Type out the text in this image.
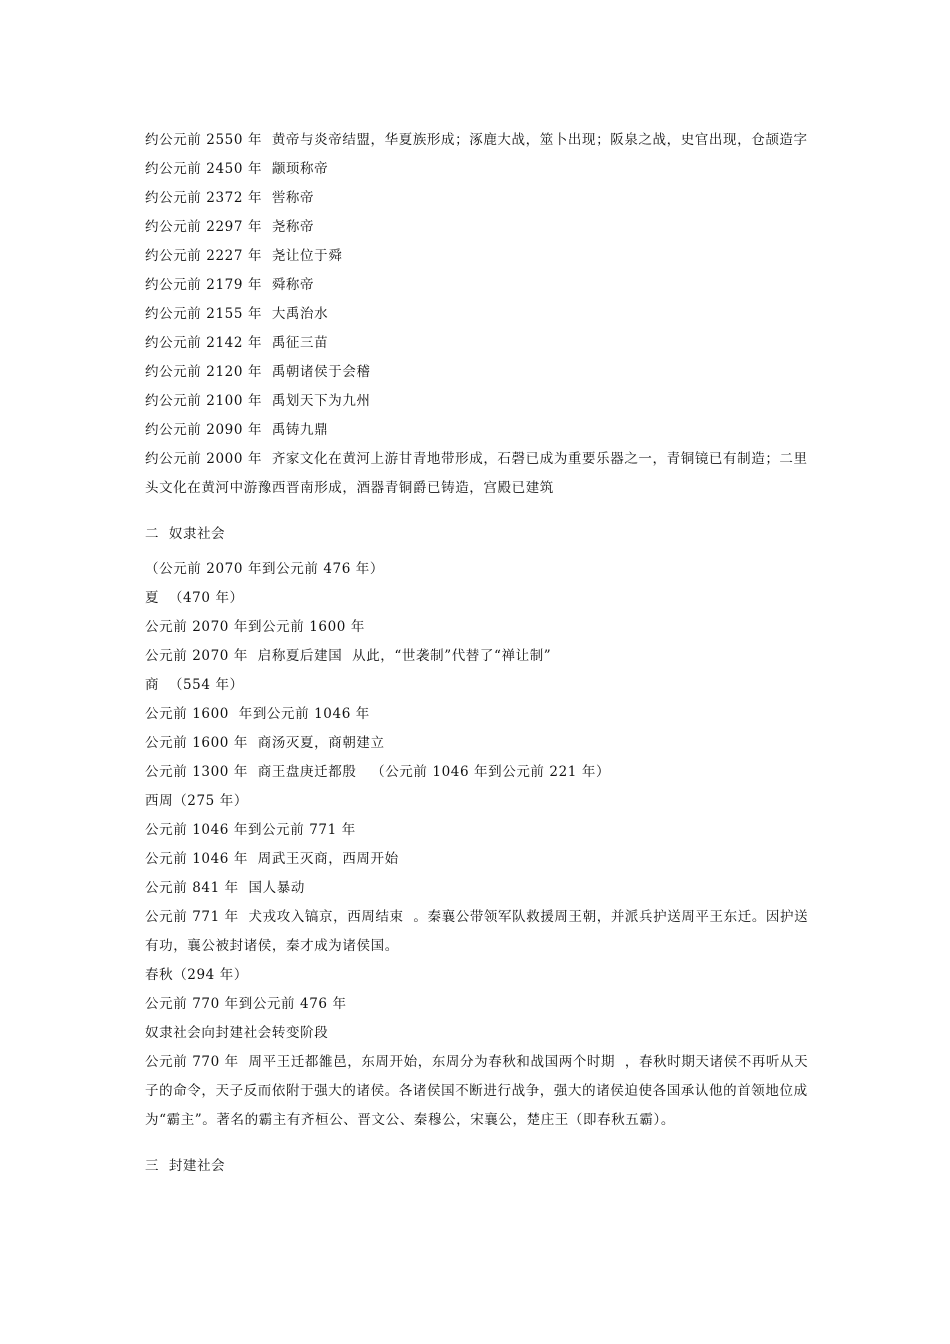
约公元前 2550 年  黄帝与炎帝结盟，华夏族形成；涿鹿大战，筮卜出现；阪泉之战，史官出现，仓颉造字
约公元前 2450 年  颛顼称帝
约公元前 2372 年  喾称帝
约公元前 2297 年  尧称帝
约公元前 2227 年  尧让位于舜
约公元前 2179 年  舜称帝
约公元前 2155 年  大禹治水
约公元前 2142 年  禹征三苗
约公元前 2120 年  禹朝诸侯于会稽
约公元前 2100 年  禹划天下为九州
约公元前 2090 年  禹铸九鼎
约公元前 2000 年  齐家文化在黄河上游甘青地带形成，石磬已成为重要乐器之一，青铜镜已有制造；二里头文化在黄河中游豫西晋南形成，酒器青铜爵已铸造，宫殿已建筑
二  奴隶社会
（公元前 2070 年到公元前 476 年）
夏  （470 年）
公元前 2070 年到公元前 1600 年
公元前 2070 年  启称夏后建国  从此，“世袭制”代替了“禅让制”
商  （554 年）
公元前 1600  年到公元前 1046 年
公元前 1600 年  商汤灭夏，商朝建立
公元前 1300 年  商王盘庚迁都殷   （公元前 1046 年到公元前 221 年）
西周（275 年）
公元前 1046 年到公元前 771 年
公元前 1046 年  周武王灭商，西周开始
公元前 841 年  国人暴动
公元前 771 年  犬戎攻入镐京，西周结束  。秦襄公带领军队救援周王朝，并派兵护送周平王东迁。因护送有功，襄公被封诸侯，秦才成为诸侯国。
春秋（294 年）
公元前 770 年到公元前 476 年
奴隶社会向封建社会转变阶段
公元前 770 年  周平王迁都雒邑，东周开始，东周分为春秋和战国两个时期  ，春秋时期天诸侯不再听从天子的命令，天子反而依附于强大的诸侯。各诸侯国不断进行战争，强大的诸侯迫使各国承认他的首领地位成为“霸主”。著名的霸主有齐桓公、晋文公、秦穆公，宋襄公，楚庄王（即春秋五霸）。
三  封建社会
